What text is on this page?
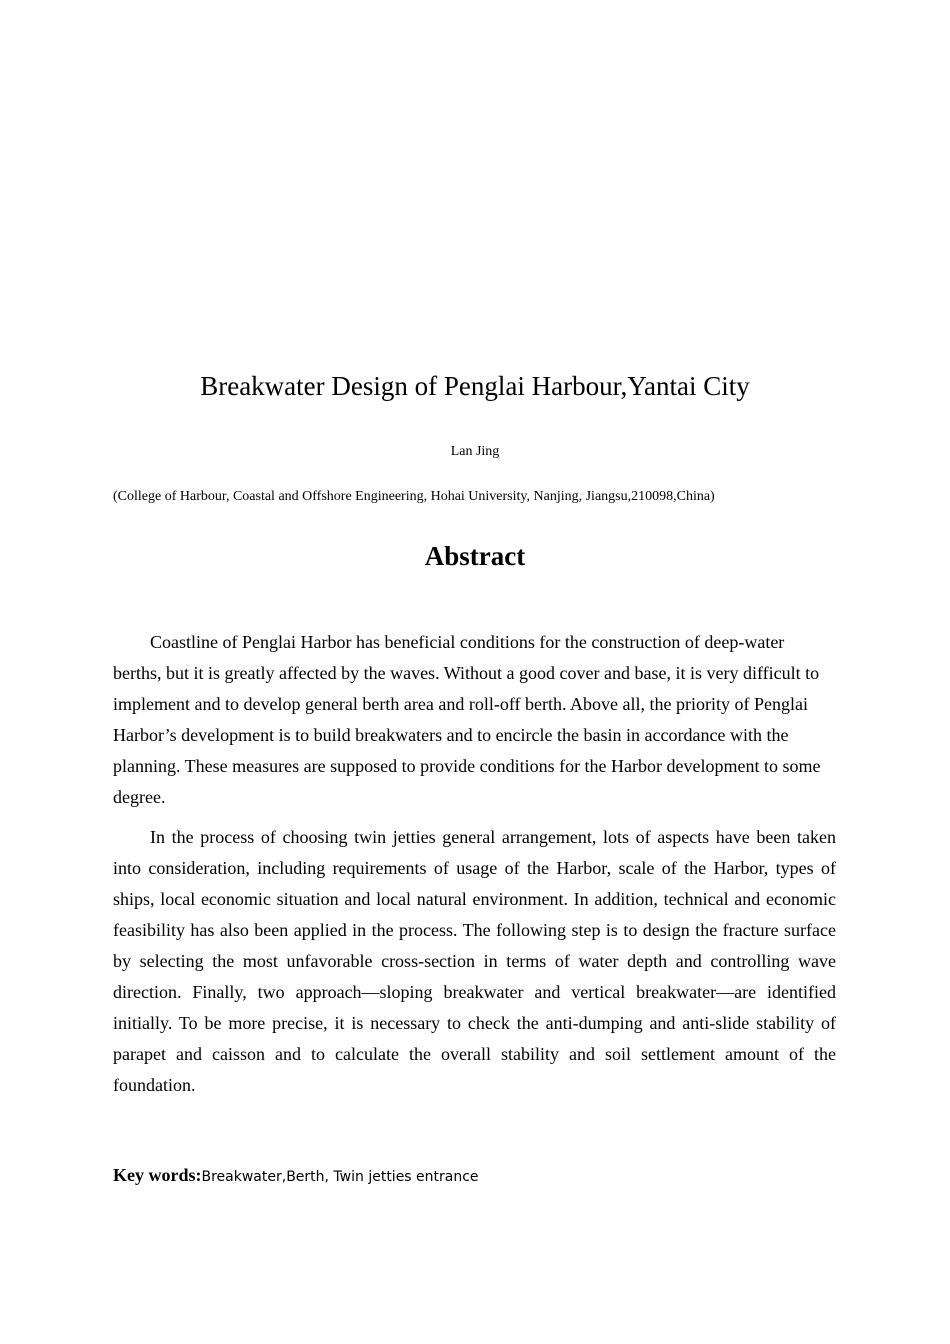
Breakwater Design of Penglai Harbour,Yantai City
Lan Jing
(College of Harbour, Coastal and Offshore Engineering, Hohai University, Nanjing, Jiangsu,210098,China)
Abstract

Coastline of Penglai Harbor has beneficial conditions for the construction of deep-water berths, but it is greatly affected by the waves. Without a good cover and base, it is very difficult to implement and to develop general berth area and roll-off berth. Above all, the priority of Penglai Harbor’s development is to build breakwaters and to encircle the basin in accordance with the planning. These measures are supposed to provide conditions for the Harbor development to some degree.

In the process of choosing twin jetties general arrangement, lots of aspects have been taken into consideration, including requirements of usage of the Harbor, scale of the Harbor, types of ships, local economic situation and local natural environment. In addition, technical and economic feasibility has also been applied in the process. The following step is to design the fracture surface by selecting the most unfavorable cross-section in terms of water depth and controlling wave direction. Finally, two approach—sloping breakwater and vertical breakwater—are identified initially. To be more precise, it is necessary to check the anti-dumping and anti-slide stability of parapet and caisson and to calculate the overall stability and soil settlement amount of the foundation.

Key words:Breakwater,Berth, Twin jetties entrance
